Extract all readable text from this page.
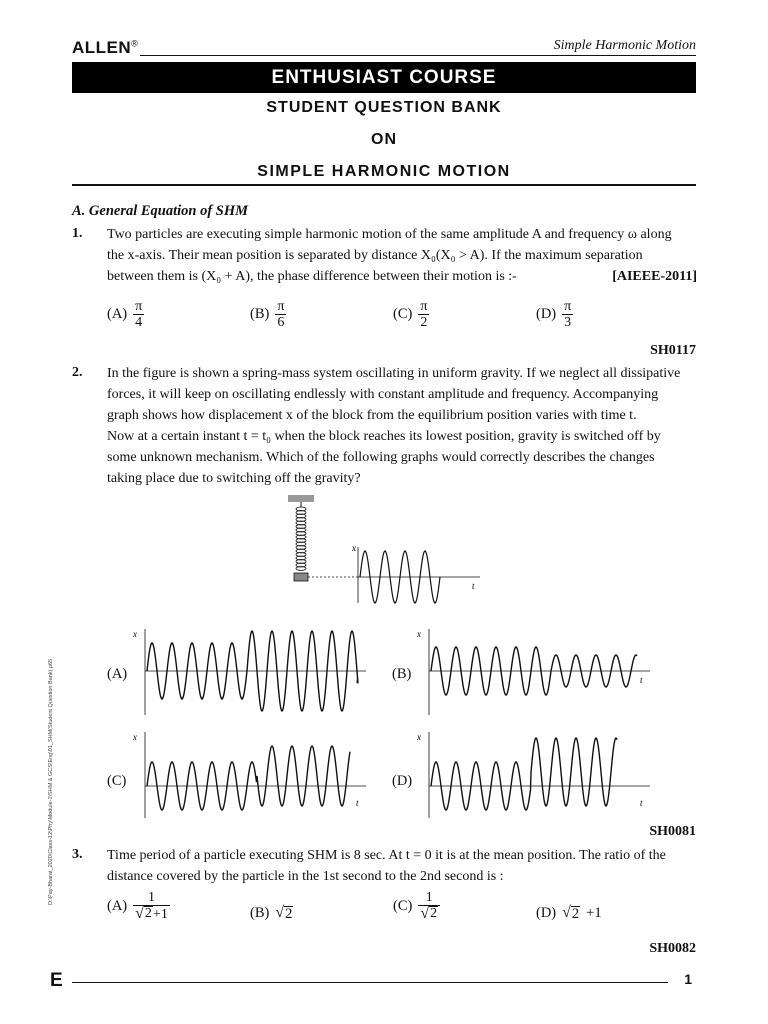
ALLEN®	Simple Harmonic Motion
ENTHUSIAST COURSE
STUDENT QUESTION BANK
ON
SIMPLE HARMONIC MOTION
A. General Equation of SHM
1. Two particles are executing simple harmonic motion of the same amplitude A and frequency ω along
the x-axis. Their mean position is separated by distance X₀(X₀ > A). If the maximum separation
between them is (X₀ + A), the phase difference between their motion is :-	[AIEEE-2011]
$(A) \frac{\pi}{4}$	$(B) \frac{\pi}{6}$	$(C) \frac{\pi}{2}$	$(D) \frac{\pi}{3}$
SH0117
2. In the figure is shown a spring-mass system oscillating in uniform gravity. If we neglect all dissipative
forces, it will keep on oscillating endlessly with constant amplitude and frequency. Accompanying
graph shows how displacement x of the block from the equilibrium position varies with time t.
Now at a certain instant t = t₀ when the block reaches its lowest position, gravity is switched off by
some unknown mechanism. Which of the following graphs would correctly describes the changes
taking place due to switching off the gravity?
x
t
(A)
x
t (B)
x
t
(C)
x
t
(D)
x
t
SH0081
3. Time period of a particle executing SHM is 8 sec. At t = 0 it is at the mean position. The ratio of the
distance covered by the particle in the 1st second to the 2nd second is :
$(A) \frac{1}{√ 2 +1}$	(B) √ 2	$(C) \frac{1}{√ 2}$	(D) √ 2 +1
SH0082
E	1
D:\Pay-Bharat_2020\Class-12\Phy\Module-1\SHM & GCS\Eng\01_SHM(Student Question Bank).p65
